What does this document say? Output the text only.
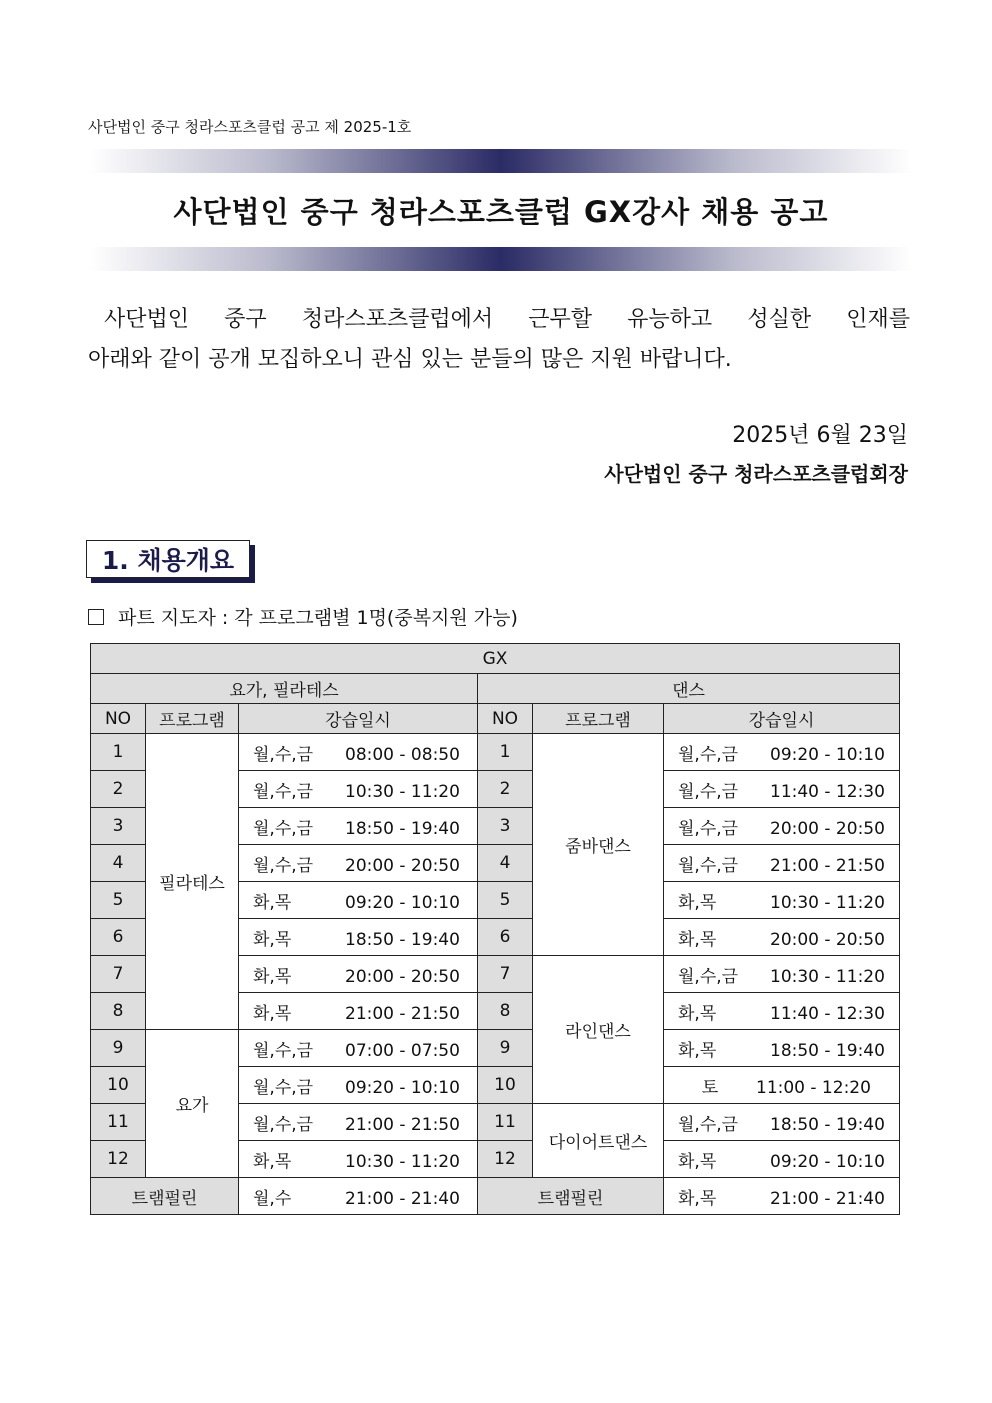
사단법인 중구 청라스포츠클럽 공고 제 2025-1호
사단법인 중구 청라스포츠클럽 GX강사 채용 공고

사단법인 중구 청라스포츠클럽에서 근무할 유능하고 성실한 인재를

아래와 같이 공개 모집하오니 관심 있는 분들의 많은 지원 바랍니다.

2025년 6월 23일
사단법인 중구 청라스포츠클럽회장
1. 채용개요
파트 지도자 : 각 프로그램별 1명(중복지원 가능)
GX					
요가, 필라테스			댄스		
NO	프로그램	강습일시	NO	프로그램	강습일시
1	필라테스	월,수,금 08:00 - 08:50	1	줌바댄스	월,수,금 09:20 - 10:10
2		월,수,금 10:30 - 11:20	2		월,수,금 11:40 - 12:30
3		월,수,금 18:50 - 19:40	3		월,수,금 20:00 - 20:50
4		월,수,금 20:00 - 20:50	4		월,수,금 21:00 - 21:50
5		화,목 09:20 - 10:10	5		화,목 10:30 - 11:20
6		화,목 18:50 - 19:40	6		화,목 20:00 - 20:50
7		화,목 20:00 - 20:50	7	라인댄스	월,수,금 10:30 - 11:20
8		화,목 21:00 - 21:50	8		화,목 11:40 - 12:30
9	요가	월,수,금 07:00 - 07:50	9		화,목 18:50 - 19:40
10		월,수,금 09:20 - 10:10	10		토 11:00 - 12:20
11		월,수,금 21:00 - 21:50	11	다이어트댄스	월,수,금 18:50 - 19:40
12		화,목 10:30 - 11:20	12		화,목 09:20 - 10:10
트램펄린		월,수 21:00 - 21:40	트램펄린		화,목 21:00 - 21:40
